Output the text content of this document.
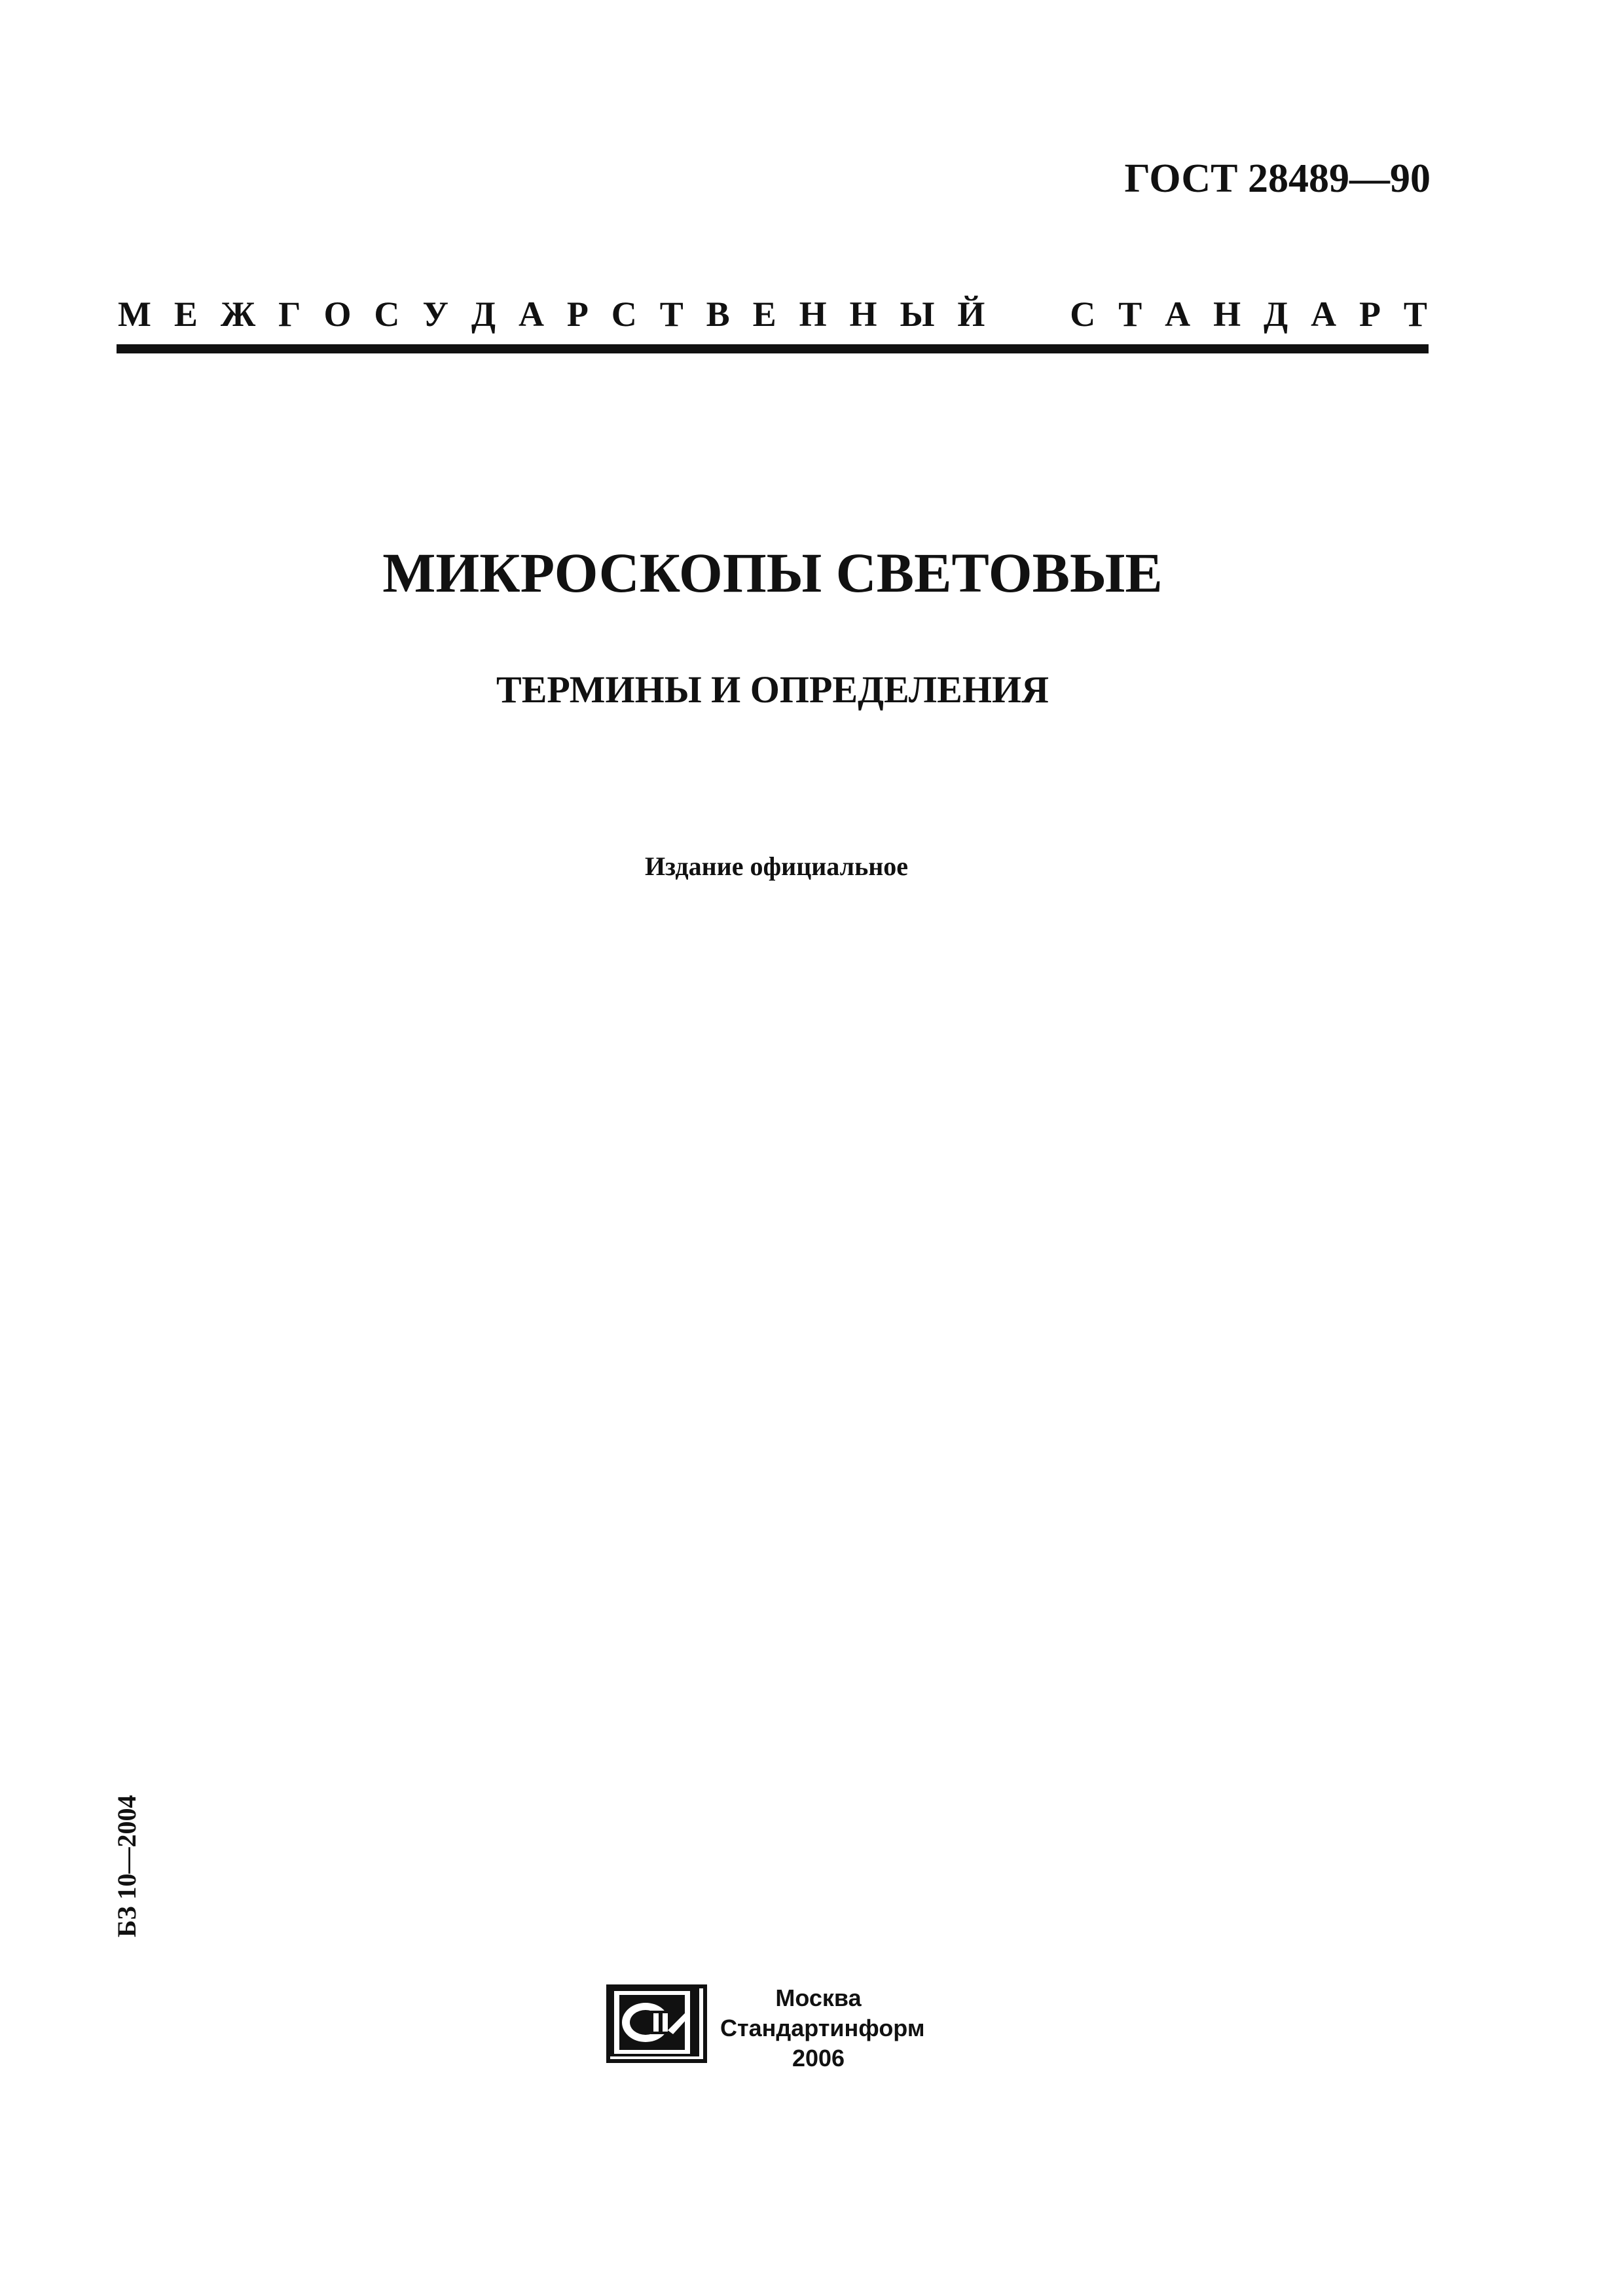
ГОСТ 28489—90
М Е Ж Г О С У Д А Р С Т В Е Н Н Ы Й С Т А Н Д А Р Т
МИКРОСКОПЫ СВЕТОВЫЕ
ТЕРМИНЫ И ОПРЕДЕЛЕНИЯ
Издание официальное
БЗ 10—2004
Москва
Стандартинформ
2006
